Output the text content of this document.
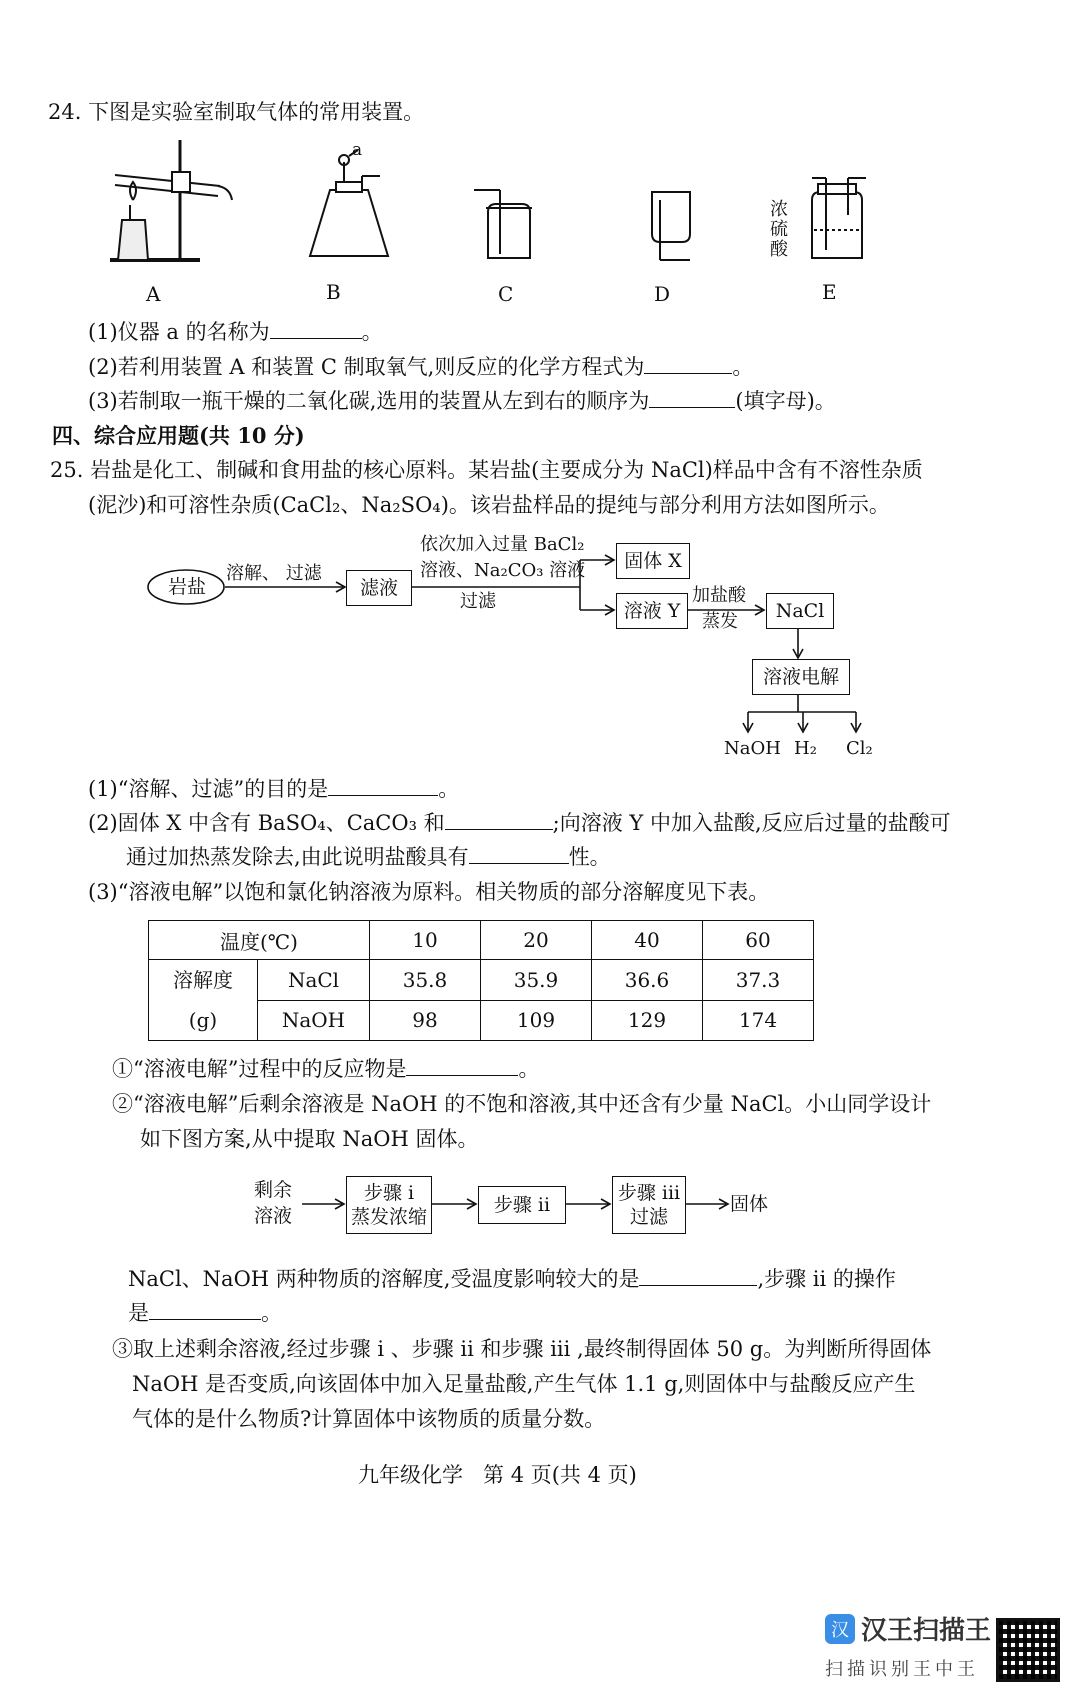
24. 下图是实验室制取气体的常用装置。
a
浓
硫
酸
A	B	C	D	E
(1)仪器 a 的名称为	。
(2)若利用装置 A 和装置 C 制取氧气,则反应的化学方程式为	。
(3)若制取一瓶干燥的二氧化碳,选用的装置从左到右的顺序为	(填字母)。
四、综合应用题(共 10 分)
25. 岩盐是化工、制碱和食用盐的核心原料。某岩盐(主要成分为 NaCl)样品中含有不溶性杂质
(泥沙)和可溶性杂质(CaCl₂、Na₂SO₄)。该岩盐样品的提纯与部分利用方法如图所示。
岩盐
溶解、 过滤
滤液
依次加入过量 BaCl₂
溶液、Na₂CO₃ 溶液
过滤
固体 X
溶液 Y
加盐酸
蒸发 NaCl
溶液电解
NaOH H₂ Cl₂
(1)“溶解、过滤”的目的是	。
(2)固体 X 中含有 BaSO₄、CaCO₃ 和	;向溶液 Y 中加入盐酸,反应后过量的盐酸可
通过加热蒸发除去,由此说明盐酸具有	性。
(3)“溶液电解”以饱和氯化钠溶液为原料。相关物质的部分溶解度见下表。
温度(℃)		10	20	40	60

溶解度
(g)	NaCl	35.8	35.9	36.6	37.3
	NaOH	98	109	129	174
①“溶液电解”过程中的反应物是	。
②“溶液电解”后剩余溶液是 NaOH 的不饱和溶液,其中还含有少量 NaCl。小山同学设计
如下图方案,从中提取 NaOH 固体。
剩余
溶液
步骤 i
蒸发浓缩
步骤 ii
步骤 iii
过滤
固体
NaCl、NaOH 两种物质的溶解度,受温度影响较大的是	,步骤 ii 的操作
是	。
③取上述剩余溶液,经过步骤 i 、步骤 ii 和步骤 iii ,最终制得固体 50 g。为判断所得固体
NaOH 是否变质,向该固体中加入足量盐酸,产生气体 1.1 g,则固体中与盐酸反应产生
气体的是什么物质?计算固体中该物质的质量分数。
九年级化学   第 4 页(共 4 页)
汉 汉王扫描王
扫描识别王中王
